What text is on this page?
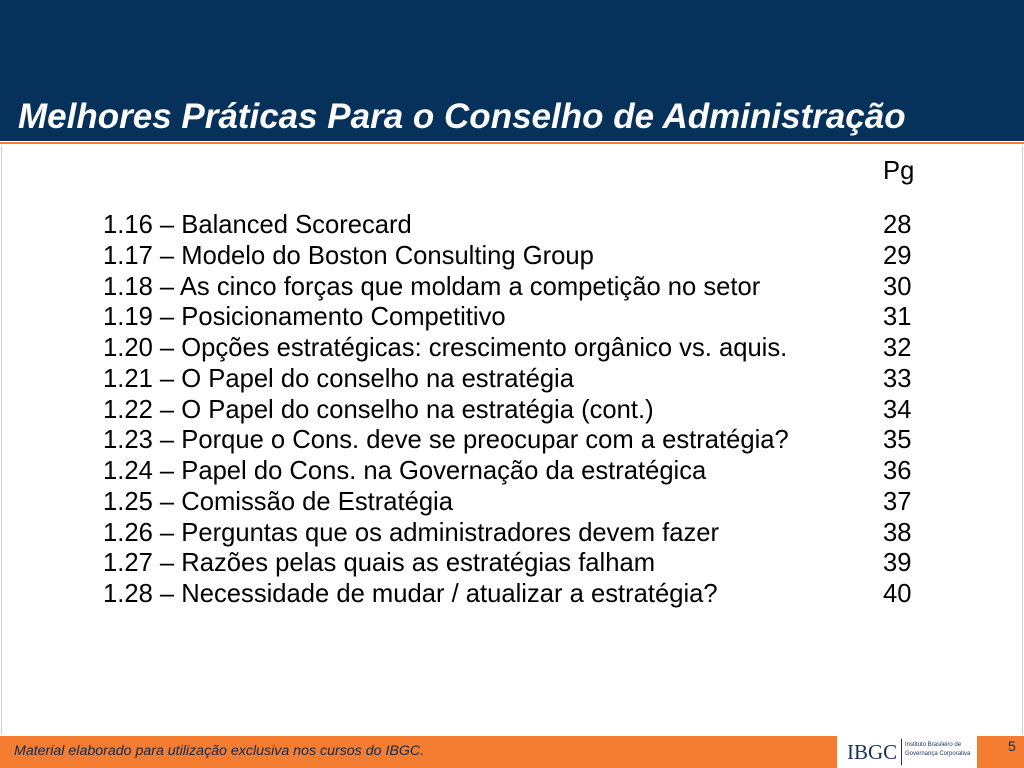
Melhores Práticas Para o Conselho de Administração
Pg
1.16 – Balanced Scorecard	28
1.17 – Modelo do Boston Consulting Group	29
1.18 – As cinco forças que moldam a competição no setor	30
1.19 – Posicionamento Competitivo	31
1.20 – Opções estratégicas: crescimento orgânico vs. aquis.	32
1.21 – O Papel do conselho na estratégia	33
1.22 – O Papel do conselho na estratégia (cont.)	34
1.23 – Porque o Cons. deve se preocupar com a estratégia?	35
1.24 – Papel do Cons. na Governação da estratégica	36
1.25 – Comissão de Estratégia	37
1.26 – Perguntas que os administradores devem fazer	38
1.27 – Razões pelas quais as estratégias falham	39
1.28 – Necessidade de mudar / atualizar a estratégia?	40
Material elaborado para utilização exclusiva nos cursos do IBGC.	IBGC Instituto Brasileiro de
Governança Corporativa	5
